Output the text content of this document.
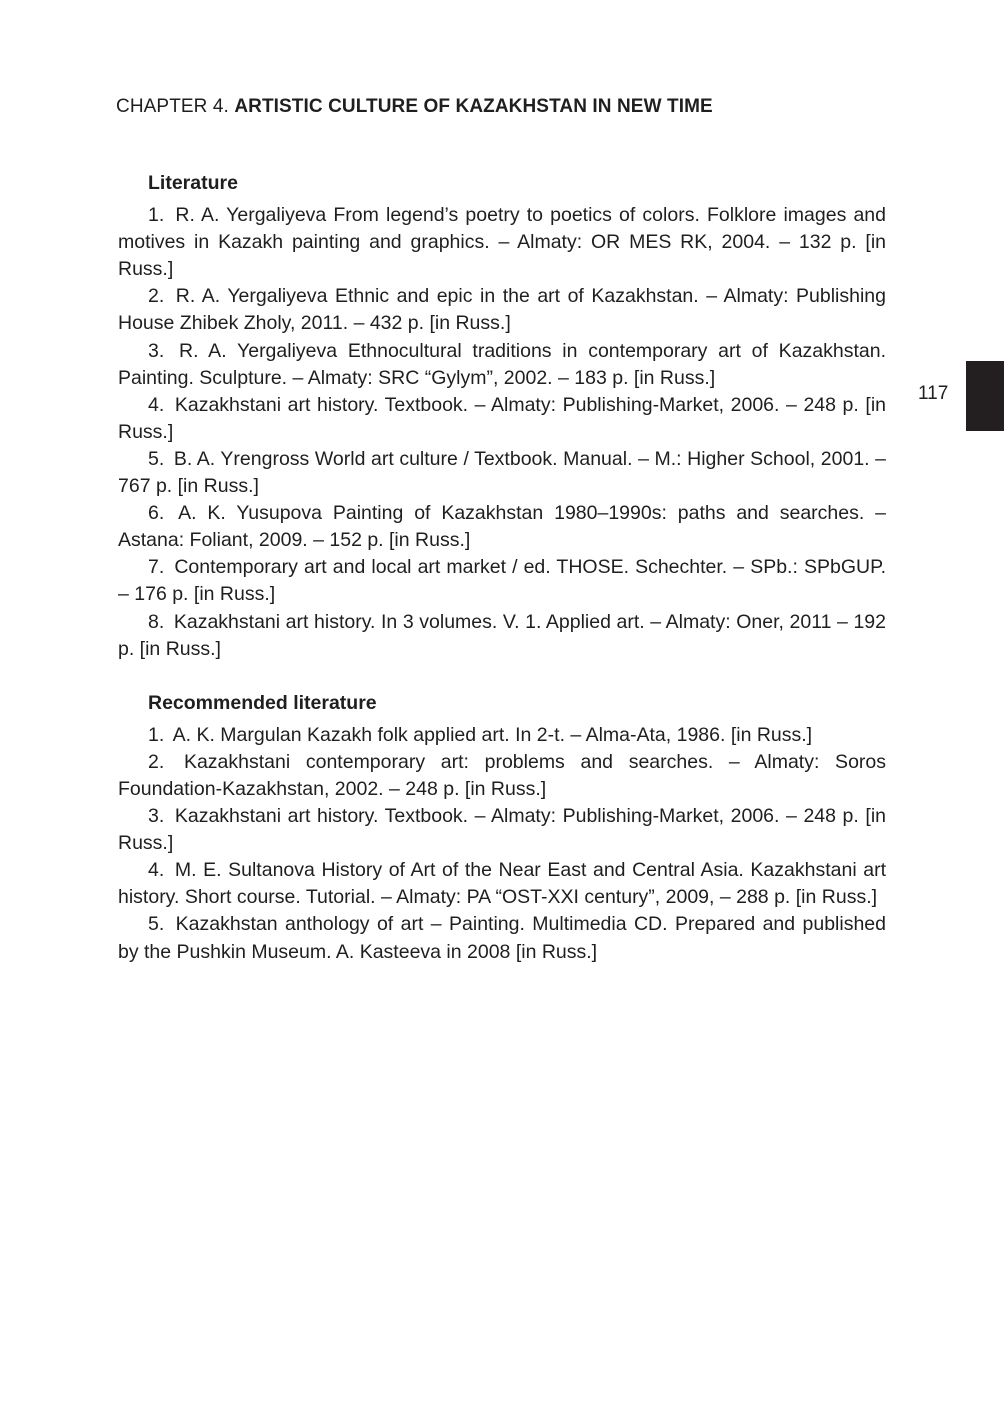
CHAPTER 4. ARTISTIC CULTURE OF KAZAKHSTAN IN NEW TIME
117
Literature
1. R. A. Yergaliyeva From legend’s poetry to poetics of colors. Folklore images and motives in Kazakh painting and graphics. – Almaty: OR MES RK, 2004. – 132 p. [in Russ.]
2. R. A. Yergaliyeva Ethnic and epic in the art of Kazakhstan. – Almaty: Publishing House Zhibek Zholy, 2011. – 432 p. [in Russ.]
3. R. A. Yergaliyeva Ethnocultural traditions in contemporary art of Kazakhstan. Painting. Sculpture. – Almaty: SRC “Gylym”, 2002. – 183 p. [in Russ.]
4. Kazakhstani art history. Textbook. – Almaty: Publishing-Market, 2006. – 248 p. [in Russ.]
5. B. A. Yrengross World art culture / Textbook. Manual. – M.: Higher School, 2001. – 767 p. [in Russ.]
6. A. K. Yusupova Painting of Kazakhstan 1980–1990s: paths and searches. – Astana: Foliant, 2009. – 152 p. [in Russ.]
7. Contemporary art and local art market / ed. THOSE. Schechter. – SPb.: SPbGUP. – 176 p. [in Russ.]
8. Kazakhstani art history. In 3 volumes. V. 1. Applied art. – Almaty: Oner, 2011 – 192 p. [in Russ.]
Recommended literature
1. A. K. Margulan Kazakh folk applied art. In 2-t. – Alma-Ata, 1986. [in Russ.]
2. Kazakhstani contemporary art: problems and searches. – Almaty: Soros Foundation-Kazakhstan, 2002. – 248 p. [in Russ.]
3. Kazakhstani art history. Textbook. – Almaty: Publishing-Market, 2006. – 248 p. [in Russ.]
4. M. E. Sultanova History of Art of the Near East and Central Asia. Kazakhstani art history. Short course. Tutorial. – Almaty: PA “OST-XXI century”, 2009, – 288 p. [in Russ.]
5. Kazakhstan anthology of art – Painting. Multimedia CD. Prepared and published by the Pushkin Museum. A. Kasteeva in 2008 [in Russ.]
